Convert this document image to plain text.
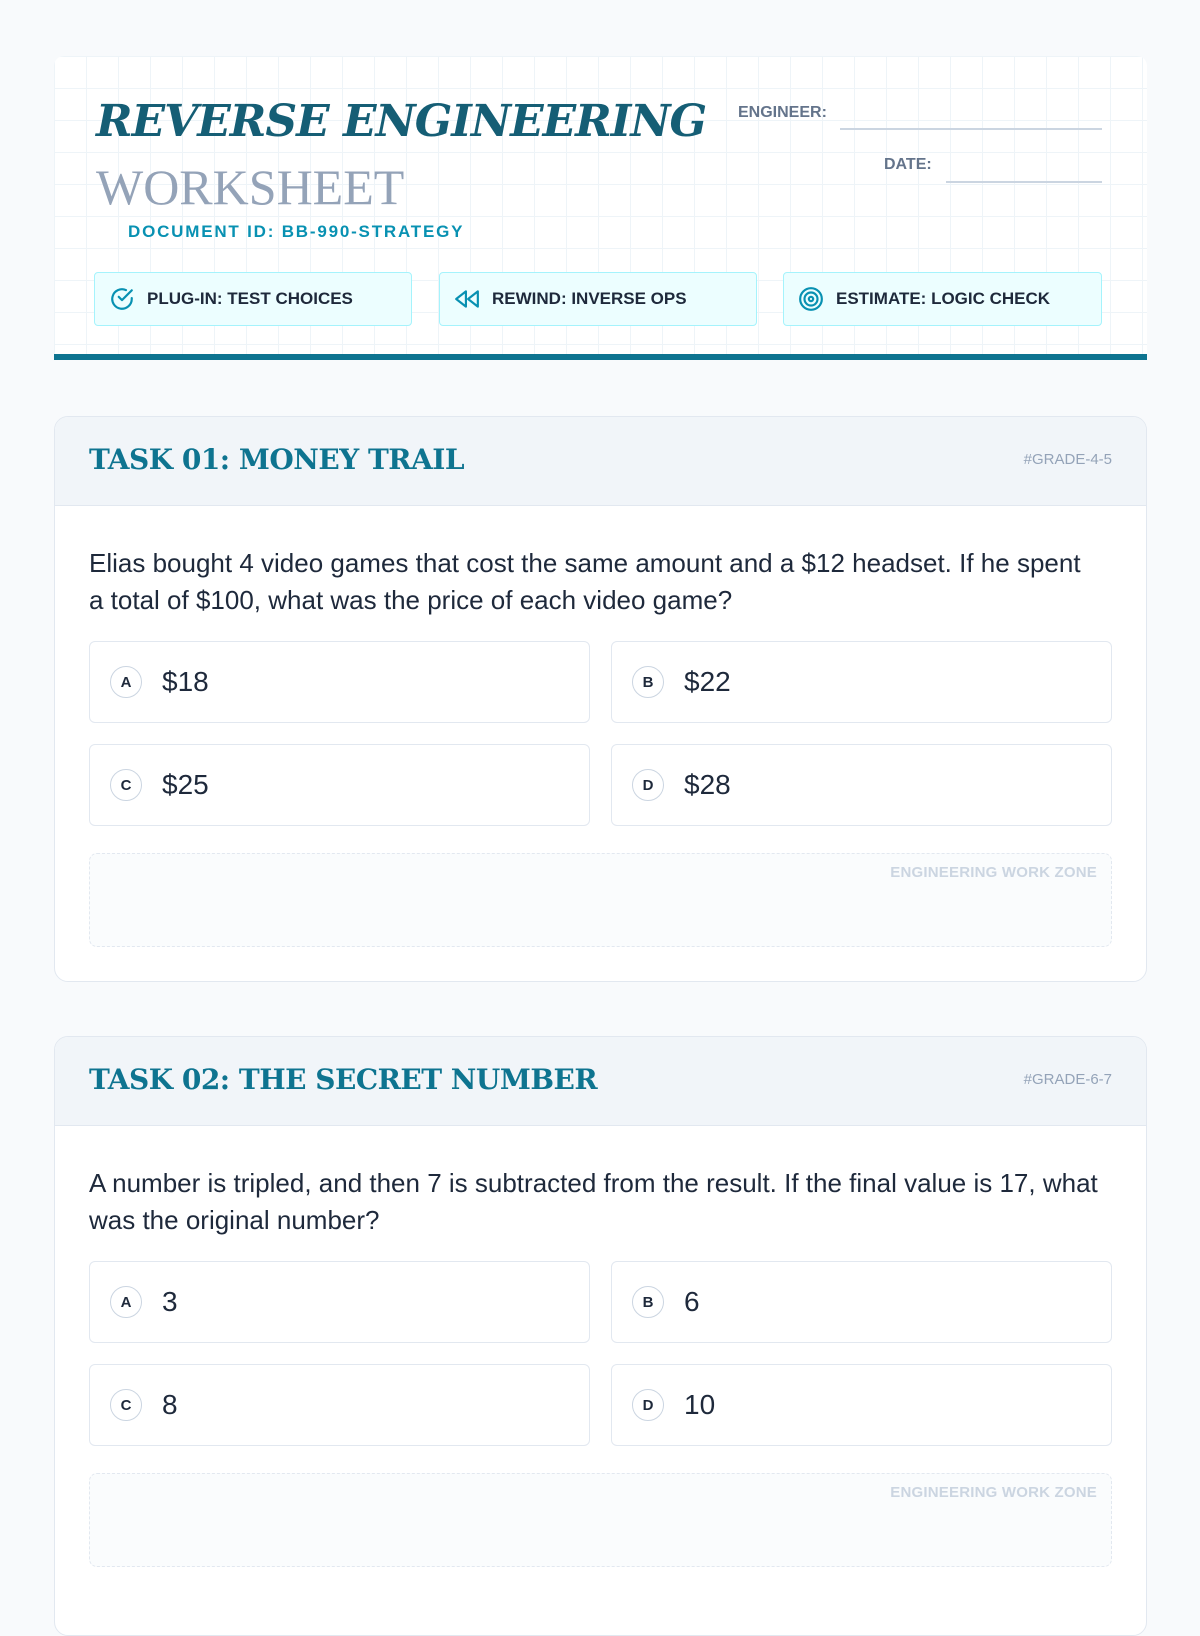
REVERSE ENGINEERING
WORKSHEET
DOCUMENT ID: BB-990-STRATEGY
ENGINEER:
DATE:
PLUG-IN: TEST CHOICES	REWIND: INVERSE OPS	ESTIMATE: LOGIC CHECK
TASK 01: MONEY TRAIL	#GRADE-4-5
Elias bought 4 video games that cost the same amount and a $12 headset. If he spent a total of $100, what was the price of each video game?
A	$18	B	$22
C	$25	D	$28
ENGINEERING WORK ZONE
TASK 02: THE SECRET NUMBER	#GRADE-6-7
A number is tripled, and then 7 is subtracted from the result. If the final value is 17, what was the original number?
A	3	B	6
C	8	D	10
ENGINEERING WORK ZONE
